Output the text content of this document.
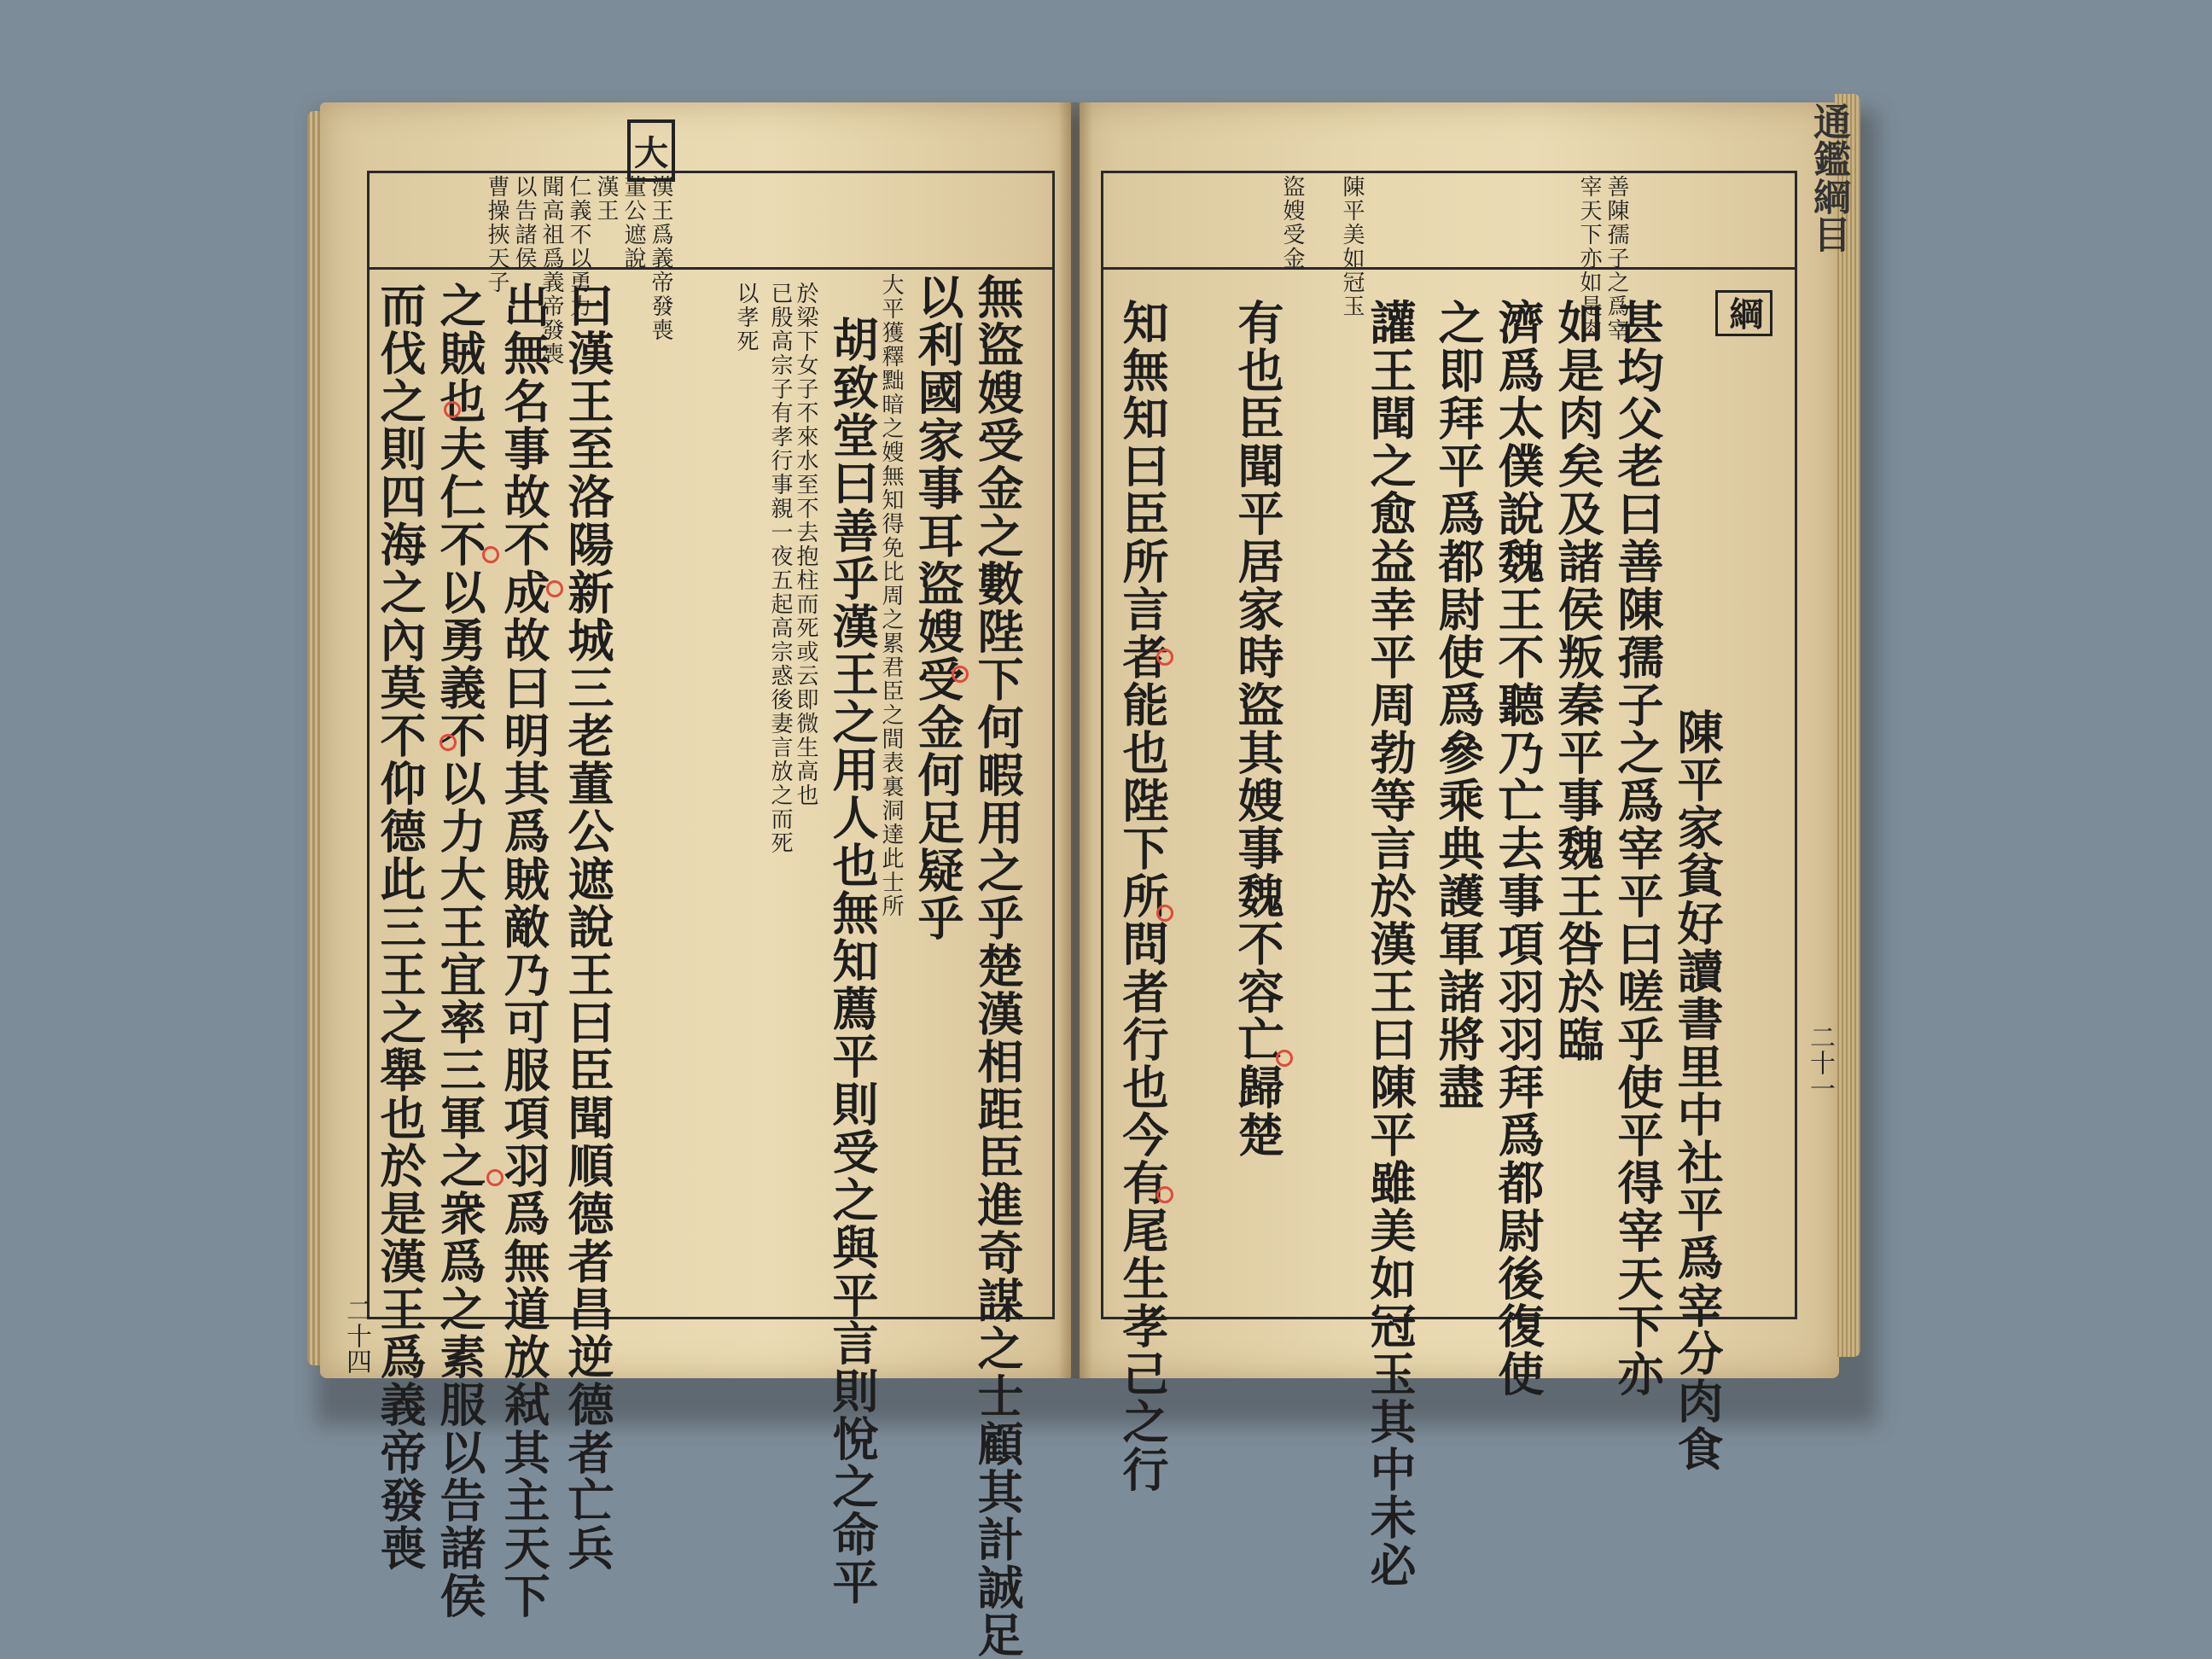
大
漢王爲義帝發喪
董公遮說
漢王
仁義不以勇力
聞高祖爲義帝發喪
以告諸侯
曹操挾天子
無盜嫂受金之數陛下何暇用之乎楚漢相距臣進奇謀之士顧其計誠足
以利國家事耳盜嫂受金何足疑乎
大平獲釋黜暗之嫂無知得免比周之累君臣之間表裏洞達此士所
胡致堂曰善乎漢王之用人也無知薦平則受之與平言則悅之命平
於梁下女子不來水至不去抱柱而死或云即微生高也
已殷高宗子有孝行事親一夜五起高宗惑後妻言放之而死
以孝死
曰漢王至洛陽新城三老董公遮說王曰臣聞順德者昌逆德者亡兵
出無名事故不成故曰明其爲賊敵乃可服項羽爲無道放弒其主天下
之賊也夫仁不以勇義不以力大王宜率三軍之衆爲之素服以告諸侯
而伐之則四海之內莫不仰德此三王之舉也於是漢王爲義帝發喪
二十四
通鑑綱目
善陳孺子之爲宰
宰天下亦如是肉
陳平美如冠玉
盜嫂受金
綱
陳平家貧好讀書里中社平爲宰分肉食
甚均父老曰善陳孺子之爲宰平曰嗟乎使平得宰天下亦
如是肉矣及諸侯叛秦平事魏王咎於臨
濟爲太僕說魏王不聽乃亡去事項羽羽拜爲都尉後復使
之即拜平爲都尉使爲參乘典護軍諸將盡
讙王聞之愈益幸平周勃等言於漢王曰陳平雖美如冠玉其中未必
有也臣聞平居家時盜其嫂事魏不容亡歸楚
知無知曰臣所言者能也陛下所問者行也今有尾生孝己之行	二十一
